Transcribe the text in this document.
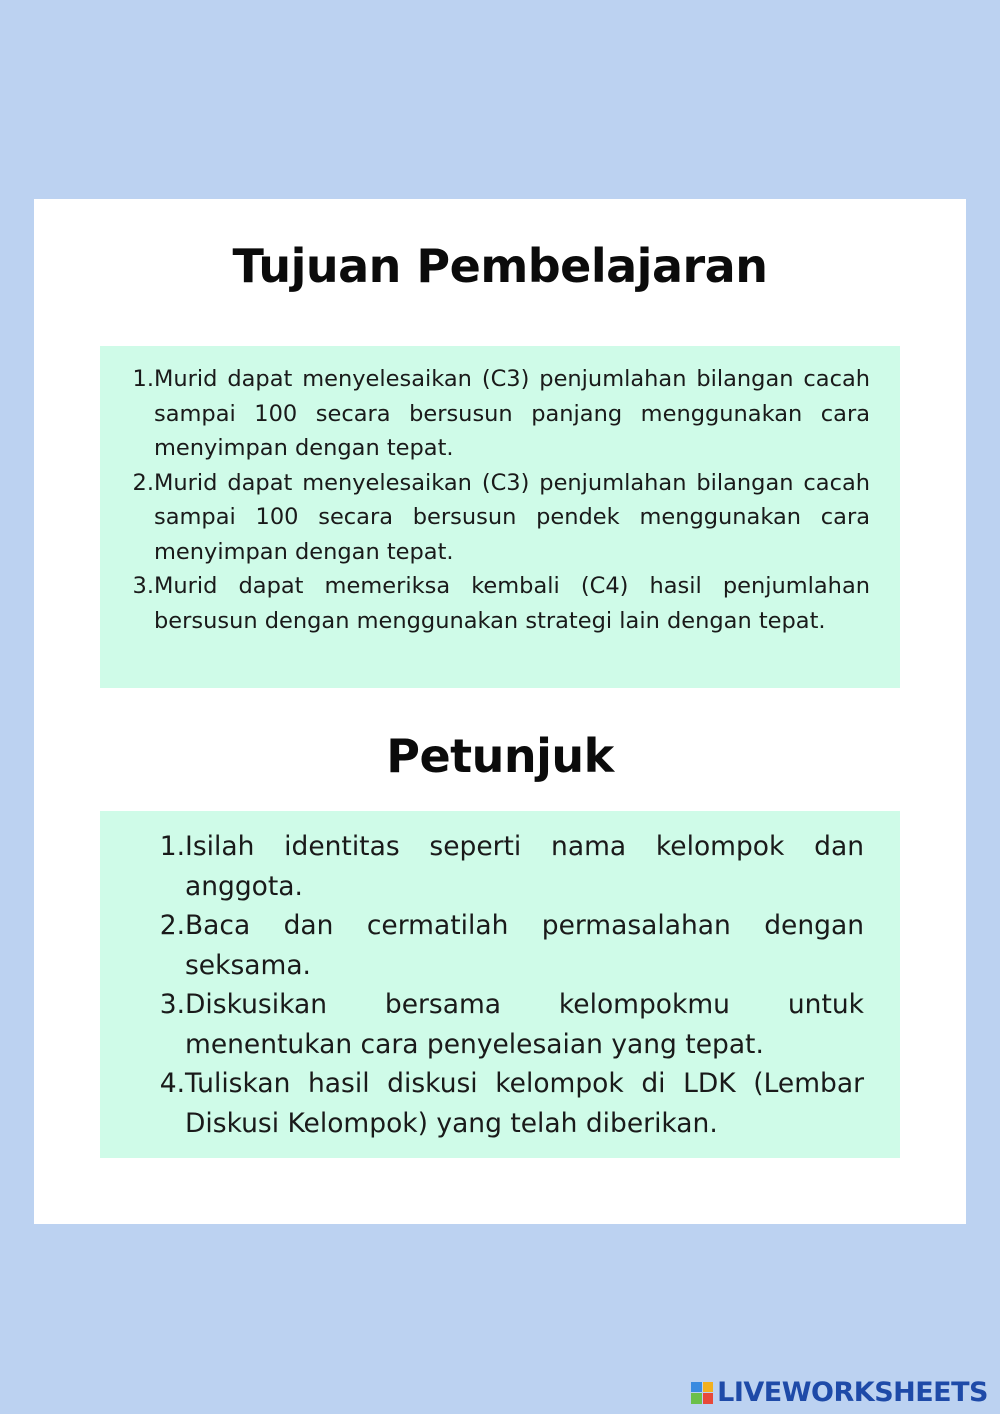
Tujuan Pembelajaran
1. Murid dapat menyelesaikan (C3) penjumlahan bilangan cacah sampai 100 secara bersusun panjang menggunakan cara menyimpan dengan tepat.
2. Murid dapat menyelesaikan (C3) penjumlahan bilangan cacah sampai 100 secara bersusun pendek menggunakan cara menyimpan dengan tepat.
3. Murid dapat memeriksa kembali (C4) hasil penjumlahan bersusun dengan menggunakan strategi lain dengan tepat.
Petunjuk
1. Isilah identitas seperti nama kelompok dan anggota.
2. Baca dan cermatilah permasalahan dengan seksama.
3. Diskusikan bersama kelompokmu untuk menentukan cara penyelesaian yang tepat.
4. Tuliskan hasil diskusi kelompok di LDK (Lembar Diskusi Kelompok) yang telah diberikan.
LIVEWORKSHEETS
